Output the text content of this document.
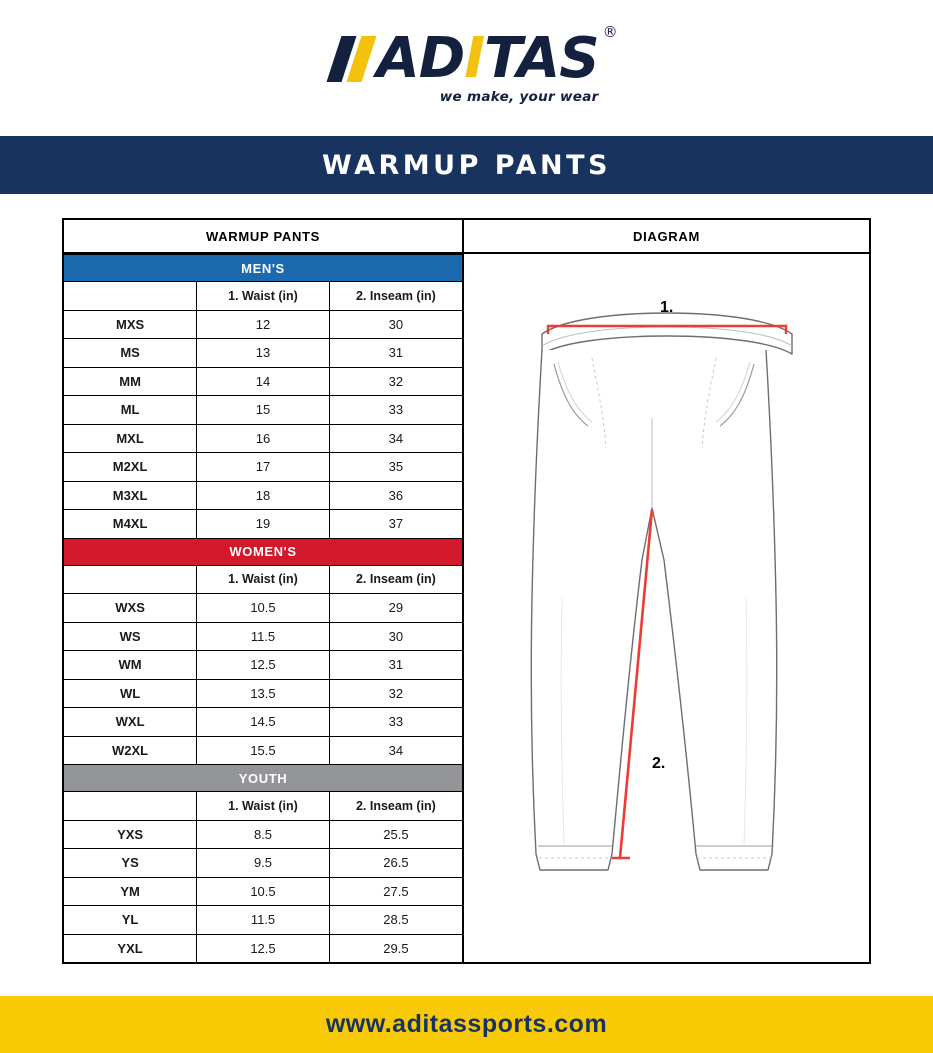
ADITAS ®
we make, your wear
WARMUP PANTS
WARMUP PANTS
MEN'S		
	1. Waist (in)	2. Inseam (in)
MXS	12	30
MS	13	31
MM	14	32
ML	15	33
MXL	16	34
M2XL	17	35
M3XL	18	36
M4XL	19	37
WOMEN'S		
	1. Waist (in)	2. Inseam (in)
WXS	10.5	29
WS	11.5	30
WM	12.5	31
WL	13.5	32
WXL	14.5	33
W2XL	15.5	34
YOUTH		
	1. Waist (in)	2. Inseam (in)
YXS	8.5	25.5
YS	9.5	26.5
YM	10.5	27.5
YL	11.5	28.5
YXL	12.5	29.5
DIAGRAM
1.
2.
www.aditassports.com
